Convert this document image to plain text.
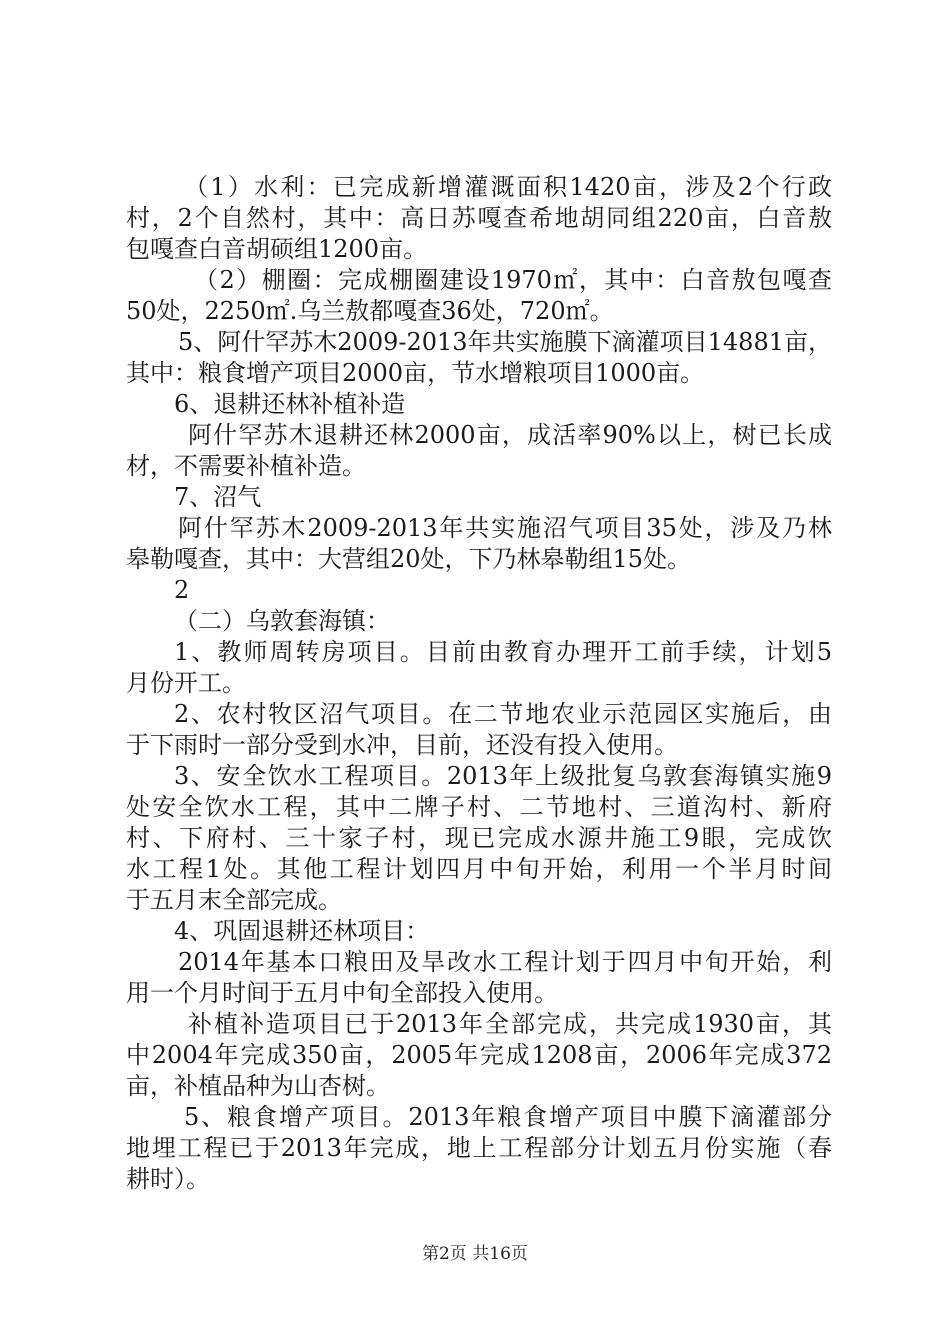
（1）水利：已完成新增灌溉面积1420亩，涉及2个行政
村，2个自然村，其中：高日苏嘎查希地胡同组220亩，白音敖
包嘎查白音胡硕组1200亩。
（2）棚圈：完成棚圈建设1970㎡，其中：白音敖包嘎查
50处，2250㎡.乌兰敖都嘎查36处，720㎡。
5、阿什罕苏木2009-2013年共实施膜下滴灌项目14881亩，
其中：粮食增产项目2000亩，节水增粮项目1000亩。
6、退耕还林补植补造
阿什罕苏木退耕还林2000亩，成活率90%以上，树已长成
材，不需要补植补造。
7、沼气
阿什罕苏木2009-2013年共实施沼气项目35处，涉及乃林
皋勒嘎查，其中：大营组20处，下乃林皋勒组15处。
2
（二）乌敦套海镇：
1、教师周转房项目。目前由教育办理开工前手续，计划5
月份开工。
2、农村牧区沼气项目。在二节地农业示范园区实施后，由
于下雨时一部分受到水冲，目前，还没有投入使用。
3、安全饮水工程项目。2013年上级批复乌敦套海镇实施9
处安全饮水工程，其中二牌子村、二节地村、三道沟村、新府
村、下府村、三十家子村，现已完成水源井施工9眼，完成饮
水工程1处。其他工程计划四月中旬开始，利用一个半月时间
于五月末全部完成。
4、巩固退耕还林项目：
2014年基本口粮田及旱改水工程计划于四月中旬开始，利
用一个月时间于五月中旬全部投入使用。
补植补造项目已于2013年全部完成，共完成1930亩，其
中2004年完成350亩，2005年完成1208亩，2006年完成372
亩，补植品种为山杏树。
5、粮食增产项目。2013年粮食增产项目中膜下滴灌部分
地埋工程已于2013年完成，地上工程部分计划五月份实施（春
耕时）。
第2页 共16页
